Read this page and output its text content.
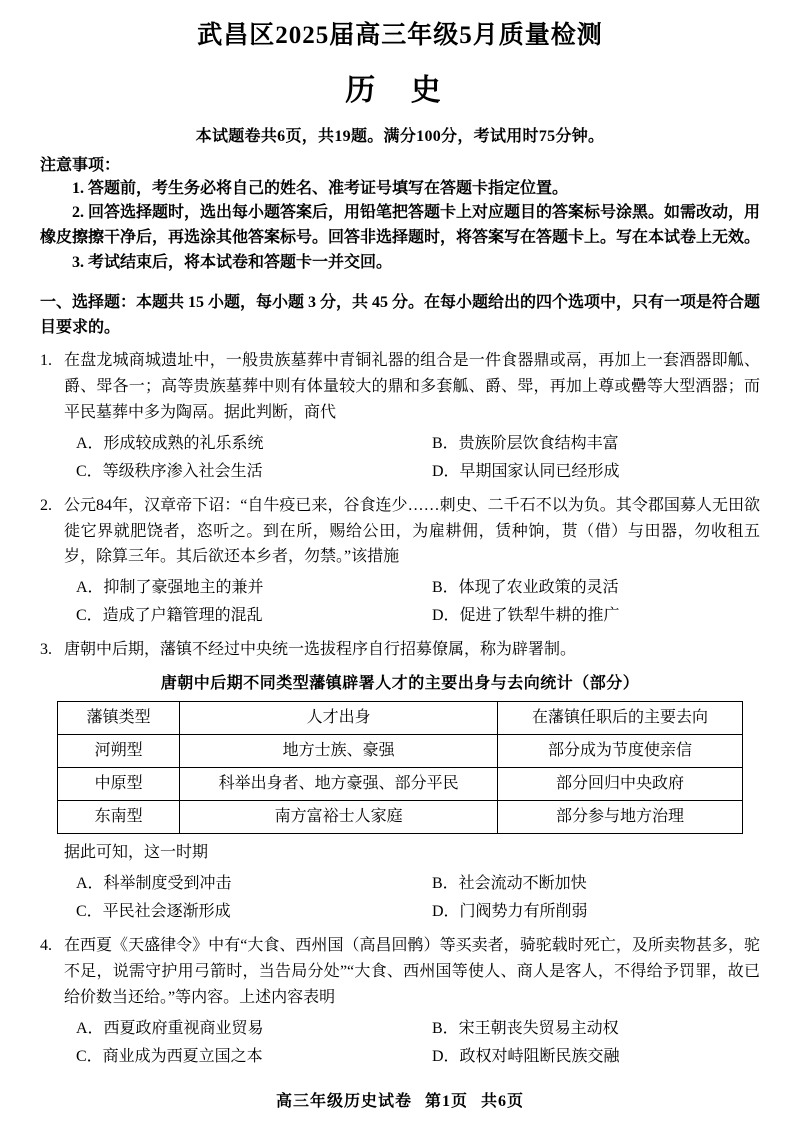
武昌区2025届高三年级5月质量检测
历 史
本试题卷共6页，共19题。满分100分，考试用时75分钟。
注意事项：

1. 答题前，考生务必将自己的姓名、准考证号填写在答题卡指定位置。

2. 回答选择题时，选出每小题答案后，用铅笔把答题卡上对应题目的答案标号涂黑。如需改动，用橡皮擦擦干净后，再选涂其他答案标号。回答非选择题时，将答案写在答题卡上。写在本试卷上无效。

3. 考试结束后，将本试卷和答题卡一并交回。

一、选择题：本题共 15 小题，每小题 3 分，共 45 分。在每小题给出的四个选项中，只有一项是符合题目要求的。
1. 在盘龙城商城遗址中，一般贵族墓葬中青铜礼器的组合是一件食器鼎或鬲，再加上一套酒器即觚、爵、斝各一；高等贵族墓葬中则有体量较大的鼎和多套觚、爵、斝，再加上尊或罍等大型酒器；而平民墓葬中多为陶鬲。据此判断，商代
A．形成较成熟的礼乐系统	B．贵族阶层饮食结构丰富
C．等级秩序渗入社会生活	D．早期国家认同已经形成
2. 公元84年，汉章帝下诏：“自牛疫已来，谷食连少……刺史、二千石不以为负。其令郡国募人无田欲徙它界就肥饶者，恣听之。到在所，赐给公田，为雇耕佣，赁种饷，贳（借）与田器，勿收租五岁，除算三年。其后欲还本乡者，勿禁。”该措施
A．抑制了豪强地主的兼并	B．体现了农业政策的灵活
C．造成了户籍管理的混乱	D．促进了铁犁牛耕的推广
3. 唐朝中后期，藩镇不经过中央统一选拔程序自行招募僚属，称为辟署制。
唐朝中后期不同类型藩镇辟署人才的主要出身与去向统计（部分）
藩镇类型	人才出身	在藩镇任职后的主要去向
河朔型	地方士族、豪强	部分成为节度使亲信
中原型	科举出身者、地方豪强、部分平民	部分回归中央政府
东南型	南方富裕士人家庭	部分参与地方治理
据此可知，这一时期
A．科举制度受到冲击	B．社会流动不断加快
C．平民社会逐渐形成	D．门阀势力有所削弱
4. 在西夏《天盛律令》中有“大食、西州国（高昌回鹘）等买卖者，骑驼载时死亡，及所卖物甚多，驼不足，说需守护用弓箭时，当告局分处”“大食、西州国等使人、商人是客人，不得给予罚罪，故已给价数当还给。”等内容。上述内容表明
A．西夏政府重视商业贸易	B．宋王朝丧失贸易主动权
C．商业成为西夏立国之本	D．政权对峙阻断民族交融
高三年级历史试卷 第1页 共6页
